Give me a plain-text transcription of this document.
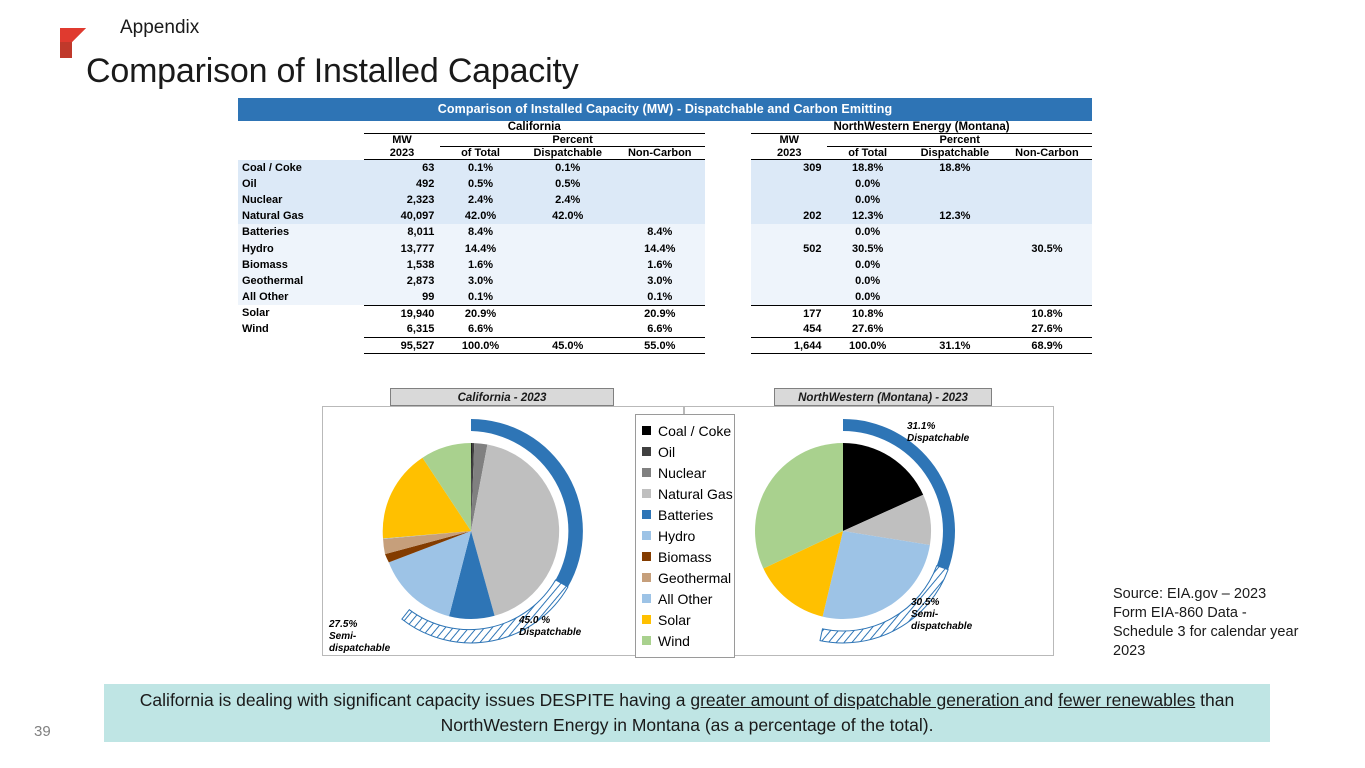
Appendix
Comparison of Installed Capacity
Comparison of Installed Capacity (MW) - Dispatchable and Carbon Emitting
	California					NorthWestern Energy (Montana)			
	MW	Percent				MW	Percent		
	2023	of Total	Dispatchable	Non-Carbon		2023	of Total	Dispatchable	Non-Carbon
Coal / Coke	63	0.1%	0.1%			309	18.8%	18.8%	
Oil	492	0.5%	0.5%				0.0%		
Nuclear	2,323	2.4%	2.4%				0.0%		
Natural Gas	40,097	42.0%	42.0%			202	12.3%	12.3%	
Batteries	8,011	8.4%		8.4%			0.0%		
Hydro	13,777	14.4%		14.4%		502	30.5%		30.5%
Biomass	1,538	1.6%		1.6%			0.0%		
Geothermal	2,873	3.0%		3.0%			0.0%		
All Other	99	0.1%		0.1%			0.0%		
Solar	19,940	20.9%		20.9%		177	10.8%		10.8%
Wind	6,315	6.6%		6.6%		454	27.6%		27.6%
	95,527	100.0%	45.0%	55.0%		1,644	100.0%	31.1%	68.9%
California - 2023	NorthWestern (Montana) - 2023
45.0 %
Dispatchable
27.5%
Semi-
dispatchable
31.1%
Dispatchable
30.5%
Semi-
dispatchable
Coal / Coke
Oil
Nuclear
Natural Gas
Batteries
Hydro
Biomass
Geothermal
All Other
Solar
Wind
Source: EIA.gov – 2023 Form EIA-860 Data - Schedule 3 for calendar year 2023

California is dealing with significant capacity issues DESPITE having a greater amount of dispatchable generation and fewer renewables than NorthWestern Energy in Montana (as a percentage of the total).

39
